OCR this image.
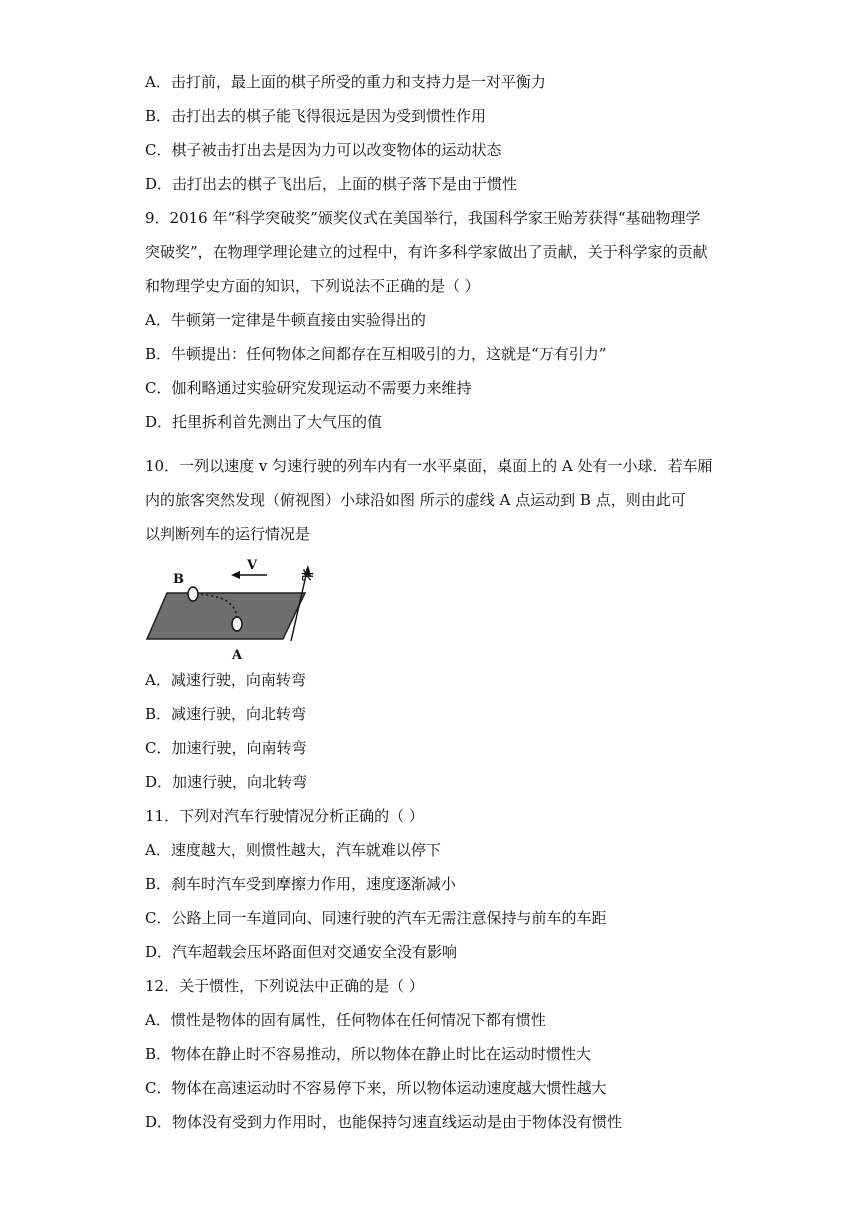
A．击打前，最上面的棋子所受的重力和支持力是一对平衡力
B．击打出去的棋子能飞得很远是因为受到惯性作用
C．棋子被击打出去是因为力可以改变物体的运动状态
D．击打出去的棋子飞出后，上面的棋子落下是由于惯性
9．2016 年“科学突破奖”颁奖仪式在美国举行，我国科学家王贻芳获得“基础物理学
突破奖”，在物理学理论建立的过程中，有许多科学家做出了贡献，关于科学家的贡献
和物理学史方面的知识，下列说法不正确的是（ ）
A．牛顿第一定律是牛顿直接由实验得出的
B．牛顿提出：任何物体之间都存在互相吸引的力，这就是“万有引力”
C．伽利略通过实验研究发现运动不需要力来维持
D．托里拆利首先测出了大气压的值
10．一列以速度 v 匀速行驶的列车内有一水平桌面，桌面上的 A 处有一小球．若车厢
内的旅客突然发现（俯视图）小球沿如图 所示的虚线 A 点运动到 B 点，则由此可
以判断列车的运行情况是
V
北
B
A
A．减速行驶，向南转弯
B．减速行驶，向北转弯
C．加速行驶，向南转弯
D．加速行驶，向北转弯
11．下列对汽车行驶情况分析正确的（ ）
A．速度越大，则惯性越大，汽车就难以停下
B．刹车时汽车受到摩擦力作用，速度逐渐减小
C．公路上同一车道同向、同速行驶的汽车无需注意保持与前车的车距
D．汽车超载会压坏路面但对交通安全没有影响
12．关于惯性，下列说法中正确的是（ ）
A．惯性是物体的固有属性，任何物体在任何情况下都有惯性
B．物体在静止时不容易推动，所以物体在静止时比在运动时惯性大
C．物体在高速运动时不容易停下来，所以物体运动速度越大惯性越大
D．物体没有受到力作用时，也能保持匀速直线运动是由于物体没有惯性
